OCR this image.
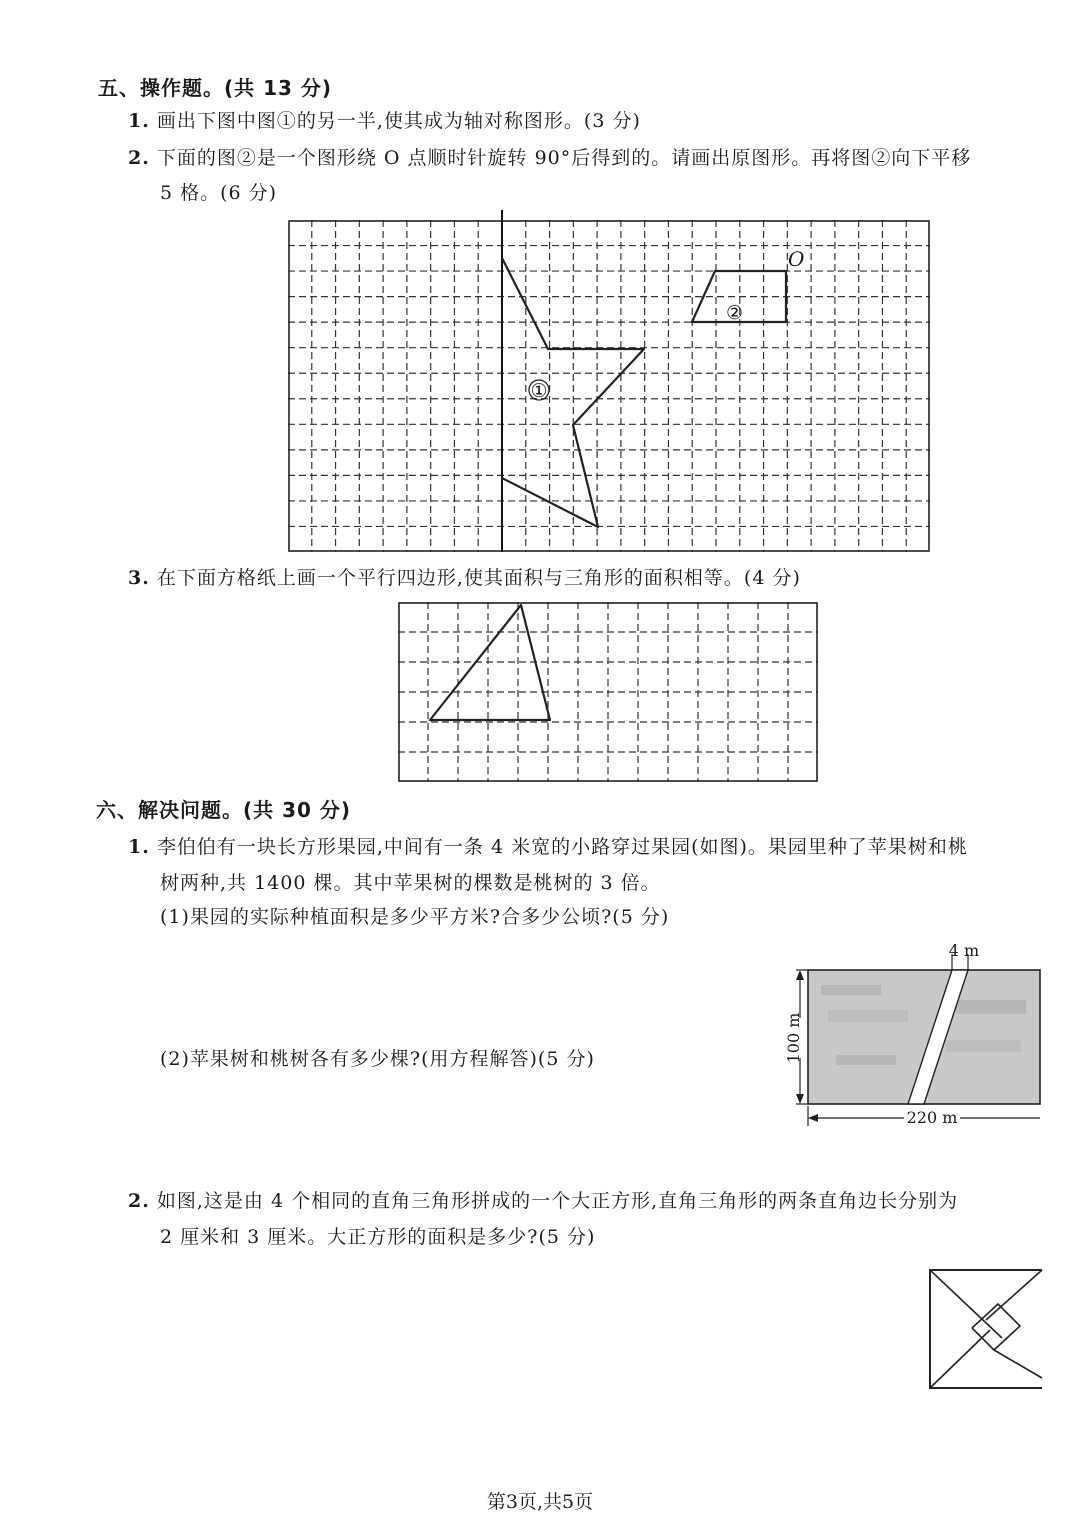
五、操作题。(共 13 分)
1. 画出下图中图①的另一半,使其成为轴对称图形。(3 分)
2. 下面的图②是一个图形绕 O 点顺时针旋转 90°后得到的。请画出原图形。再将图②向下平移
5 格。(6 分)
①
②
O
3. 在下面方格纸上画一个平行四边形,使其面积与三角形的面积相等。(4 分)
六、解决问题。(共 30 分)
1. 李伯伯有一块长方形果园,中间有一条 4 米宽的小路穿过果园(如图)。果园里种了苹果树和桃
树两种,共 1400 棵。其中苹果树的棵数是桃树的 3 倍。
(1)果园的实际种植面积是多少平方米?合多少公顷?(5 分)
(2)苹果树和桃树各有多少棵?(用方程解答)(5 分)
4 m
100 m
220 m
2. 如图,这是由 4 个相同的直角三角形拼成的一个大正方形,直角三角形的两条直角边长分别为
2 厘米和 3 厘米。大正方形的面积是多少?(5 分)
第3页,共5页
